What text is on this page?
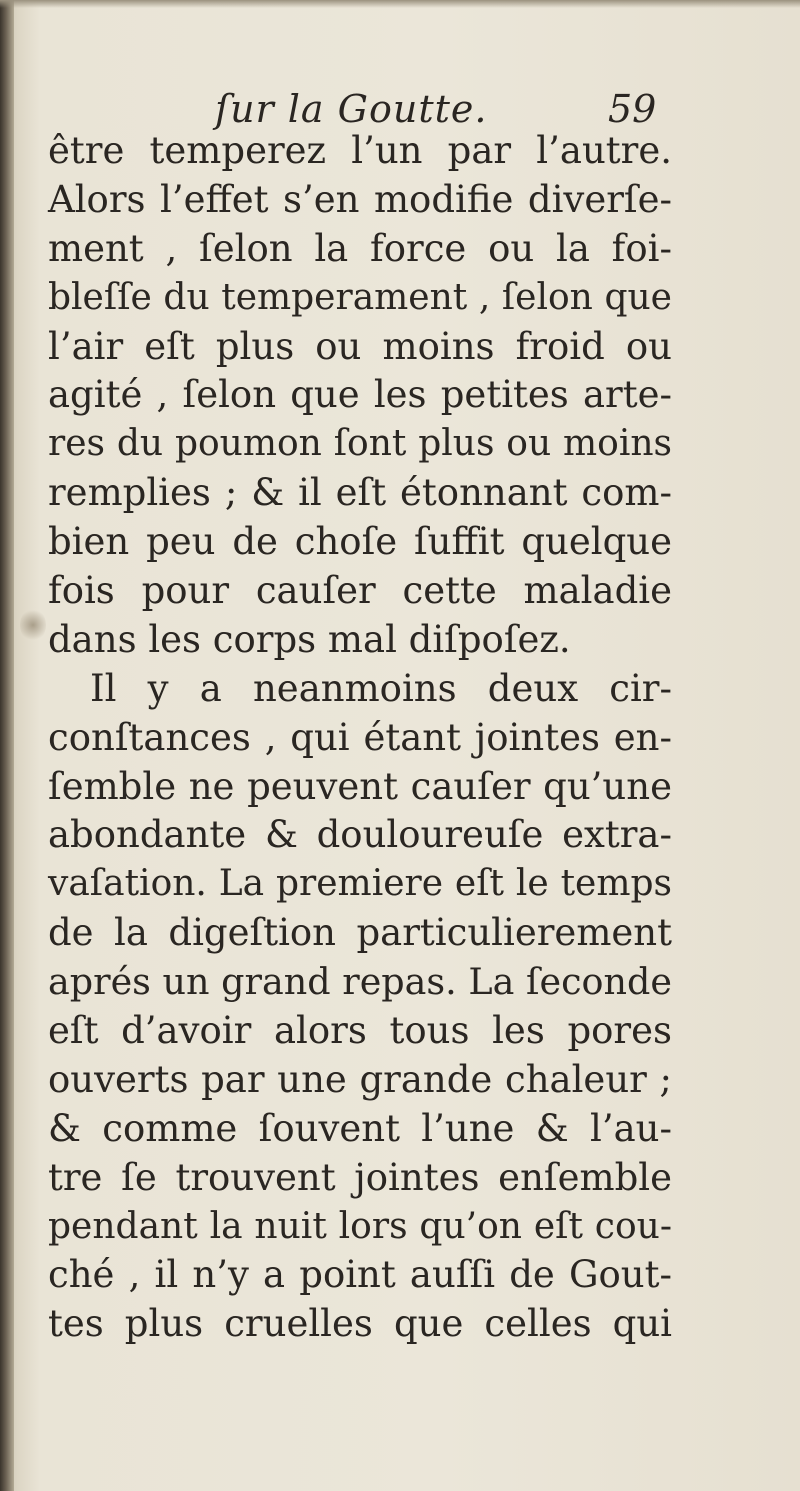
ſur la Goutte.	59
être temperez l’un par l’autre.
Alors l’effet s’en modifie diverſe-
ment , ſelon la force ou la foi-
bleſſe du temperament , ſelon que
l’air eſt plus ou moins froid ou
agité , ſelon que les petites arte-
res du poumon ſont plus ou moins
remplies ; & il eſt étonnant com-
bien peu de choſe ſuffit quelque
fois pour cauſer cette maladie
dans les corps mal diſpoſez.
Il y a neanmoins deux cir-
conſtances , qui étant jointes en-
ſemble ne peuvent cauſer qu’une
abondante & douloureuſe extra-
vaſation. La premiere eſt le temps
de la digeſtion particulierement
aprés un grand repas. La ſeconde
eſt d’avoir alors tous les pores
ouverts par une grande chaleur ;
& comme ſouvent l’une & l’au-
tre ſe trouvent jointes enſemble
pendant la nuit lors qu’on eſt cou-
ché , il n’y a point auſſi de Gout-
tes plus cruelles que celles qui
